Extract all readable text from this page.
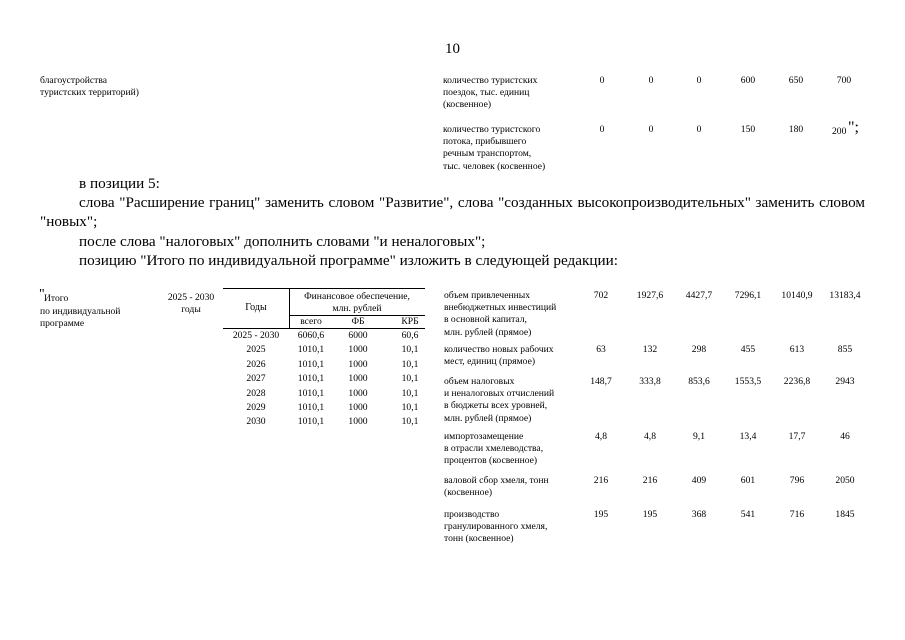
10
благоустройства
туристских территорий)
количество туристских
поездок, тыс. единиц
(косвенное)
0	0	0	600	650	700
количество туристского
потока, прибывшего
речным транспортом,
тыс. человек (косвенное)
0	0	0	150	180	200 ";
в позиции 5:
слова "Расширение границ" заменить словом "Развитие", слова "созданных высокопроизводительных" заменить словом
"новых";
после слова "налоговых" дополнить словами "и неналоговых";
позицию "Итого по индивидуальной программе" изложить в следующей редакции:
" Итого
по индивидуальной
программе
2025 - 2030
годы	Годы
Финансовое обеспечение,
млн. рублей
всего	ФБ	КРБ
2025 - 2030	6060,6	6000	60,6
2025	1010,1	1000	10,1
2026	1010,1	1000	10,1
2027	1010,1	1000	10,1
2028	1010,1	1000	10,1
2029	1010,1	1000	10,1
2030	1010,1	1000	10,1
объем привлеченных
внебюджетных инвестиций
в основной капитал,
млн. рублей (прямое)
702	1927,6	4427,7	7296,1	10140,9	13183,4
количество новых рабочих
мест, единиц (прямое)
63	132	298	455	613	855
объем налоговых
и неналоговых отчислений
в бюджеты всех уровней,
млн. рублей (прямое)
148,7	333,8	853,6	1553,5	2236,8	2943
импортозамещение
в отрасли хмелеводства,
процентов (косвенное)
4,8	4,8	9,1	13,4	17,7	46
валовой сбор хмеля, тонн
(косвенное)
216	216	409	601	796	2050
производство
гранулированного хмеля,
тонн (косвенное)
195	195	368	541	716	1845
